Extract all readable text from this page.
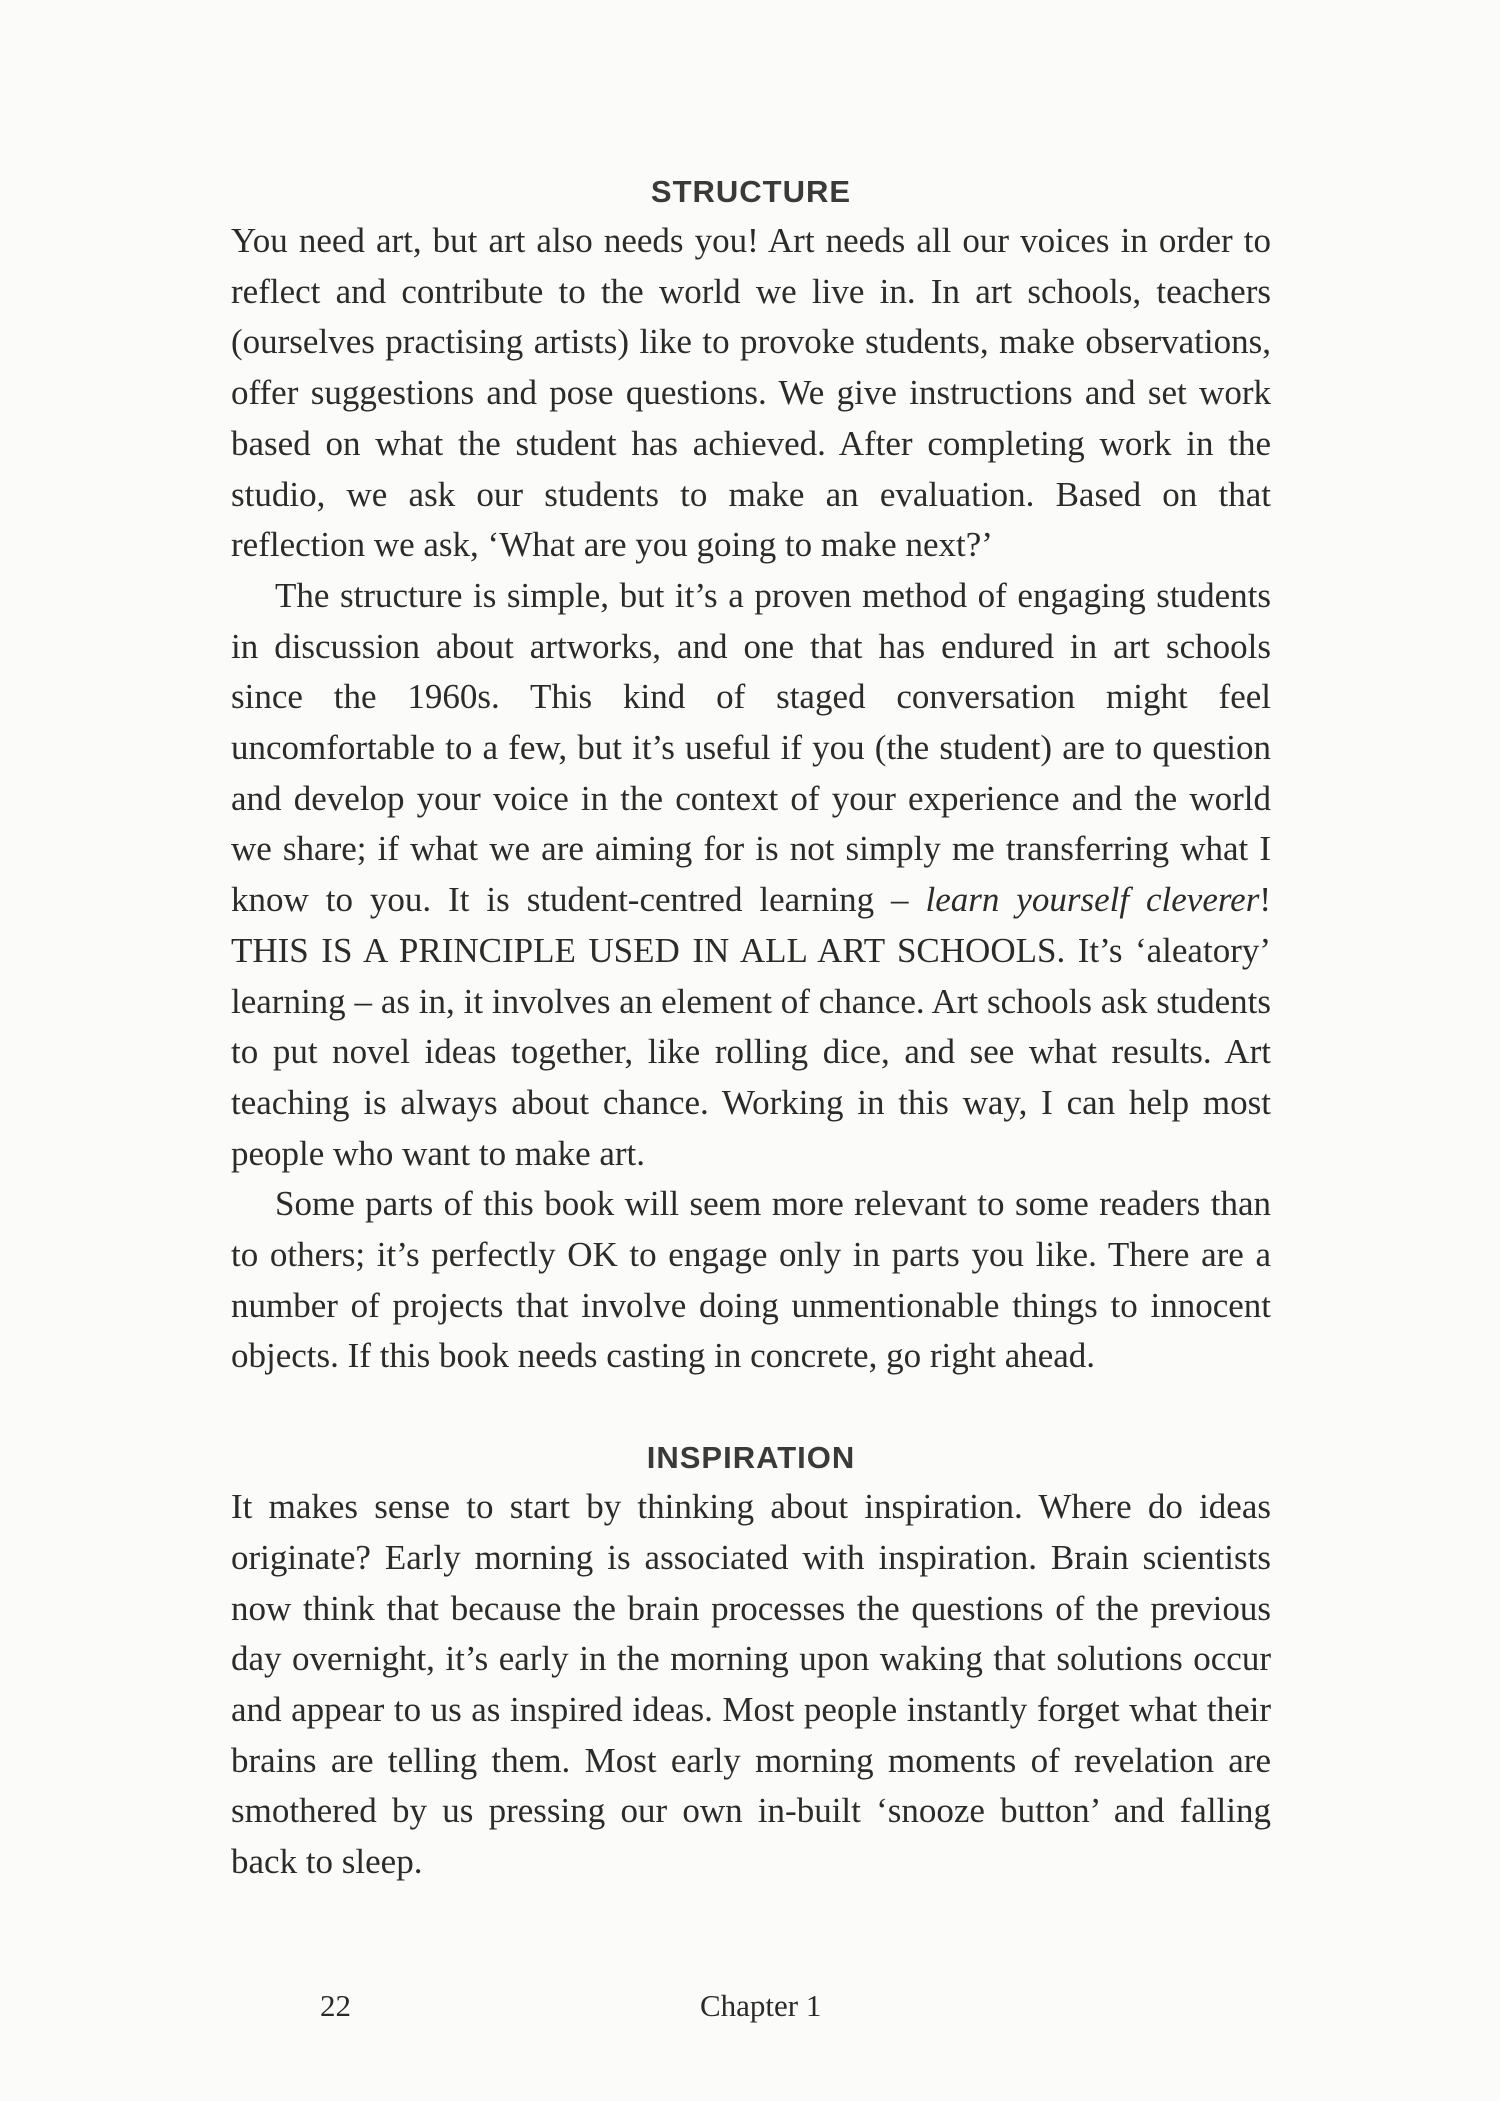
STRUCTURE

You need art, but art also needs you! Art needs all our voices in order to reflect and contribute to the world we live in. In art schools, teachers (ourselves practising artists) like to provoke students, make observations, offer suggestions and pose questions. We give instructions and set work based on what the student has achieved. After completing work in the studio, we ask our students to make an evaluation. Based on that reflection we ask, ‘What are you going to make next?’

The structure is simple, but it’s a proven method of engaging students in discussion about artworks, and one that has endured in art schools since the 1960s. This kind of staged conversation might feel uncomfortable to a few, but it’s useful if you (the student) are to question and develop your voice in the context of your experience and the world we share; if what we are aiming for is not simply me transferring what I know to you. It is student-centred learning – learn yourself cleverer! THIS IS A PRINCIPLE USED IN ALL ART SCHOOLS. It’s ‘aleatory’ learning – as in, it involves an element of chance. Art schools ask students to put novel ideas together, like rolling dice, and see what results. Art teaching is always about chance. Working in this way, I can help most people who want to make art.

Some parts of this book will seem more relevant to some readers than to others; it’s perfectly OK to engage only in parts you like. There are a number of projects that involve doing unmentionable things to innocent objects. If this book needs casting in concrete, go right ahead.

INSPIRATION

It makes sense to start by thinking about inspiration. Where do ideas originate? Early morning is associated with inspiration. Brain scientists now think that because the brain processes the questions of the previous day overnight, it’s early in the morning upon waking that solutions occur and appear to us as inspired ideas. Most people instantly forget what their brains are telling them. Most early morning moments of revelation are smothered by us pressing our own in-built ‘snooze button’ and falling back to sleep.

22	Chapter 1
